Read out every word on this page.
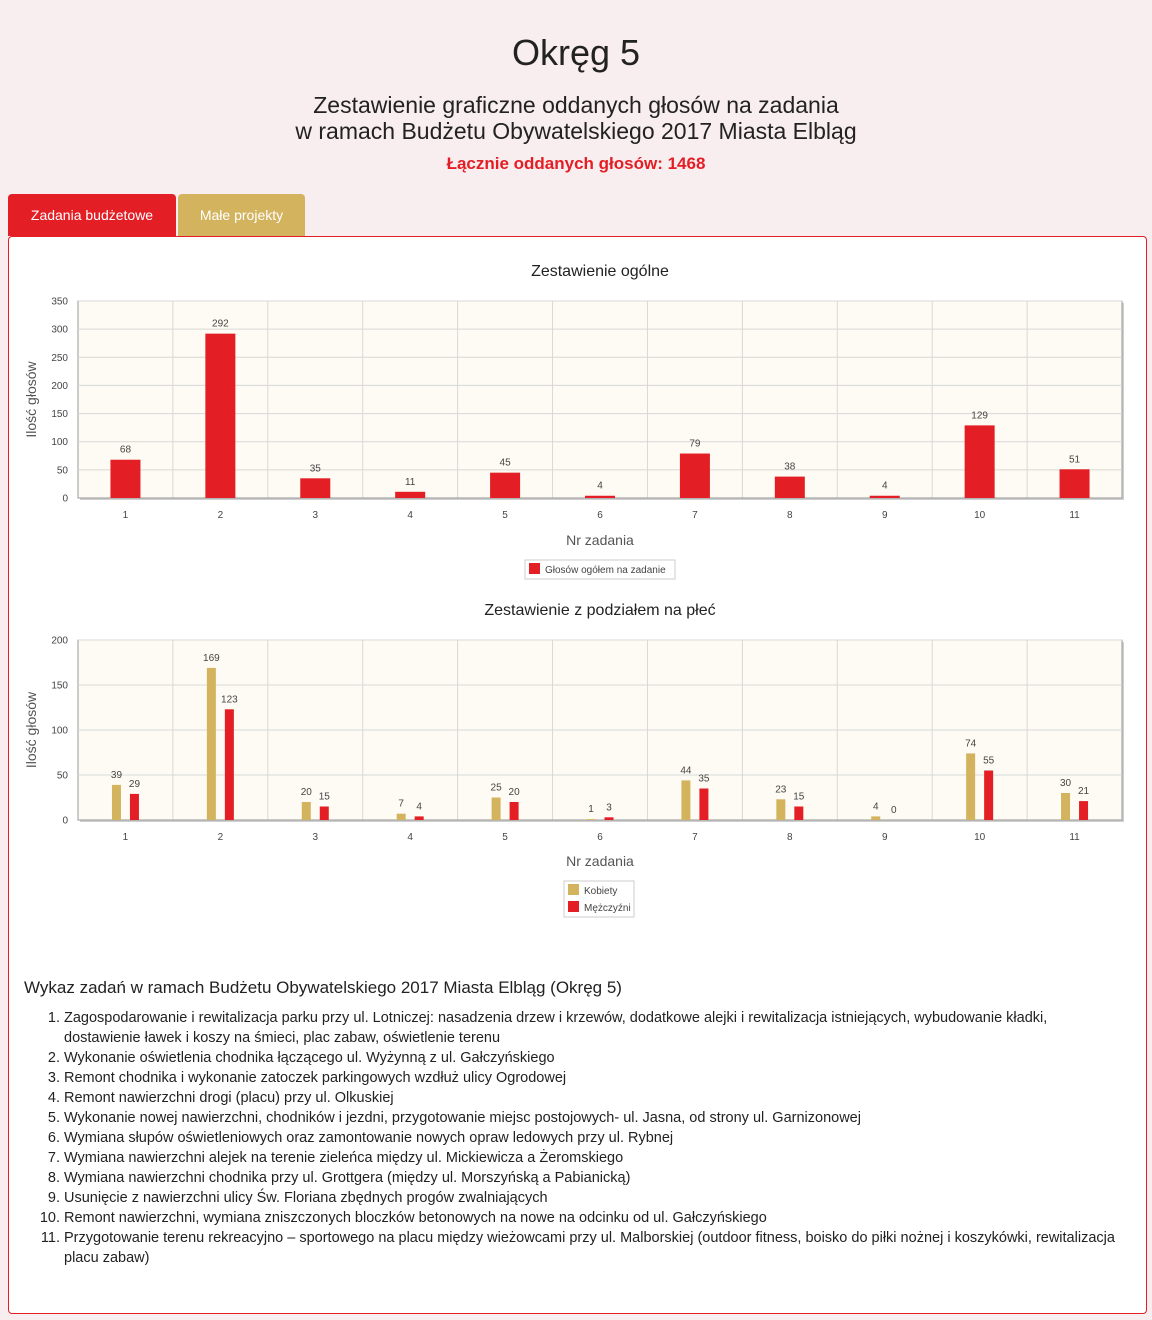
Okręg 5
Zestawienie graficzne oddanych głosów na zadania
w ramach Budżetu Obywatelskiego 2017 Miasta Elbląg
Łącznie oddanych głosów: 1468
Zadania budżetowe	Małe projekty
Zestawienie ogólne
0
50
100
150
200
250
300
350
1	2	3	4	5	6	7	8	9	10	11
68
292
35
11
45
4
79
38
4
129
51
Nr zadania
Ilość głosów
Głosów ogółem na zadanie
Zestawienie z podziałem na płeć
0
50
100
150
200
1	2	3	4	5	6	7	8	9	10	11
39
169
20
7
25
1
44
23
4
74
30
29
123
15
4
20
3
35
15
0
55
21
Nr zadania
Ilość głosów
Kobiety
Mężczyźni
Wykaz zadań w ramach Budżetu Obywatelskiego 2017 Miasta Elbląg (Okręg 5)
1. Zagospodarowanie i rewitalizacja parku przy ul. Lotniczej: nasadzenia drzew i krzewów, dodatkowe alejki i rewitalizacja istniejących, wybudowanie kładki, dostawienie ławek i koszy na śmieci, plac zabaw, oświetlenie terenu
2. Wykonanie oświetlenia chodnika łączącego ul. Wyżynną z ul. Gałczyńskiego
3. Remont chodnika i wykonanie zatoczek parkingowych wzdłuż ulicy Ogrodowej
4. Remont nawierzchni drogi (placu) przy ul. Olkuskiej
5. Wykonanie nowej nawierzchni, chodników i jezdni, przygotowanie miejsc postojowych- ul. Jasna, od strony ul. Garnizonowej
6. Wymiana słupów oświetleniowych oraz zamontowanie nowych opraw ledowych przy ul. Rybnej
7. Wymiana nawierzchni alejek na terenie zieleńca między ul. Mickiewicza a Żeromskiego
8. Wymiana nawierzchni chodnika przy ul. Grottgera (między ul. Morszyńską a Pabianicką)
9. Usunięcie z nawierzchni ulicy Św. Floriana zbędnych progów zwalniających
10. Remont nawierzchni, wymiana zniszczonych bloczków betonowych na nowe na odcinku od ul. Gałczyńskiego
11. Przygotowanie terenu rekreacyjno – sportowego na placu między wieżowcami przy ul. Malborskiej (outdoor fitness, boisko do piłki nożnej i koszykówki, rewitalizacja placu zabaw)
